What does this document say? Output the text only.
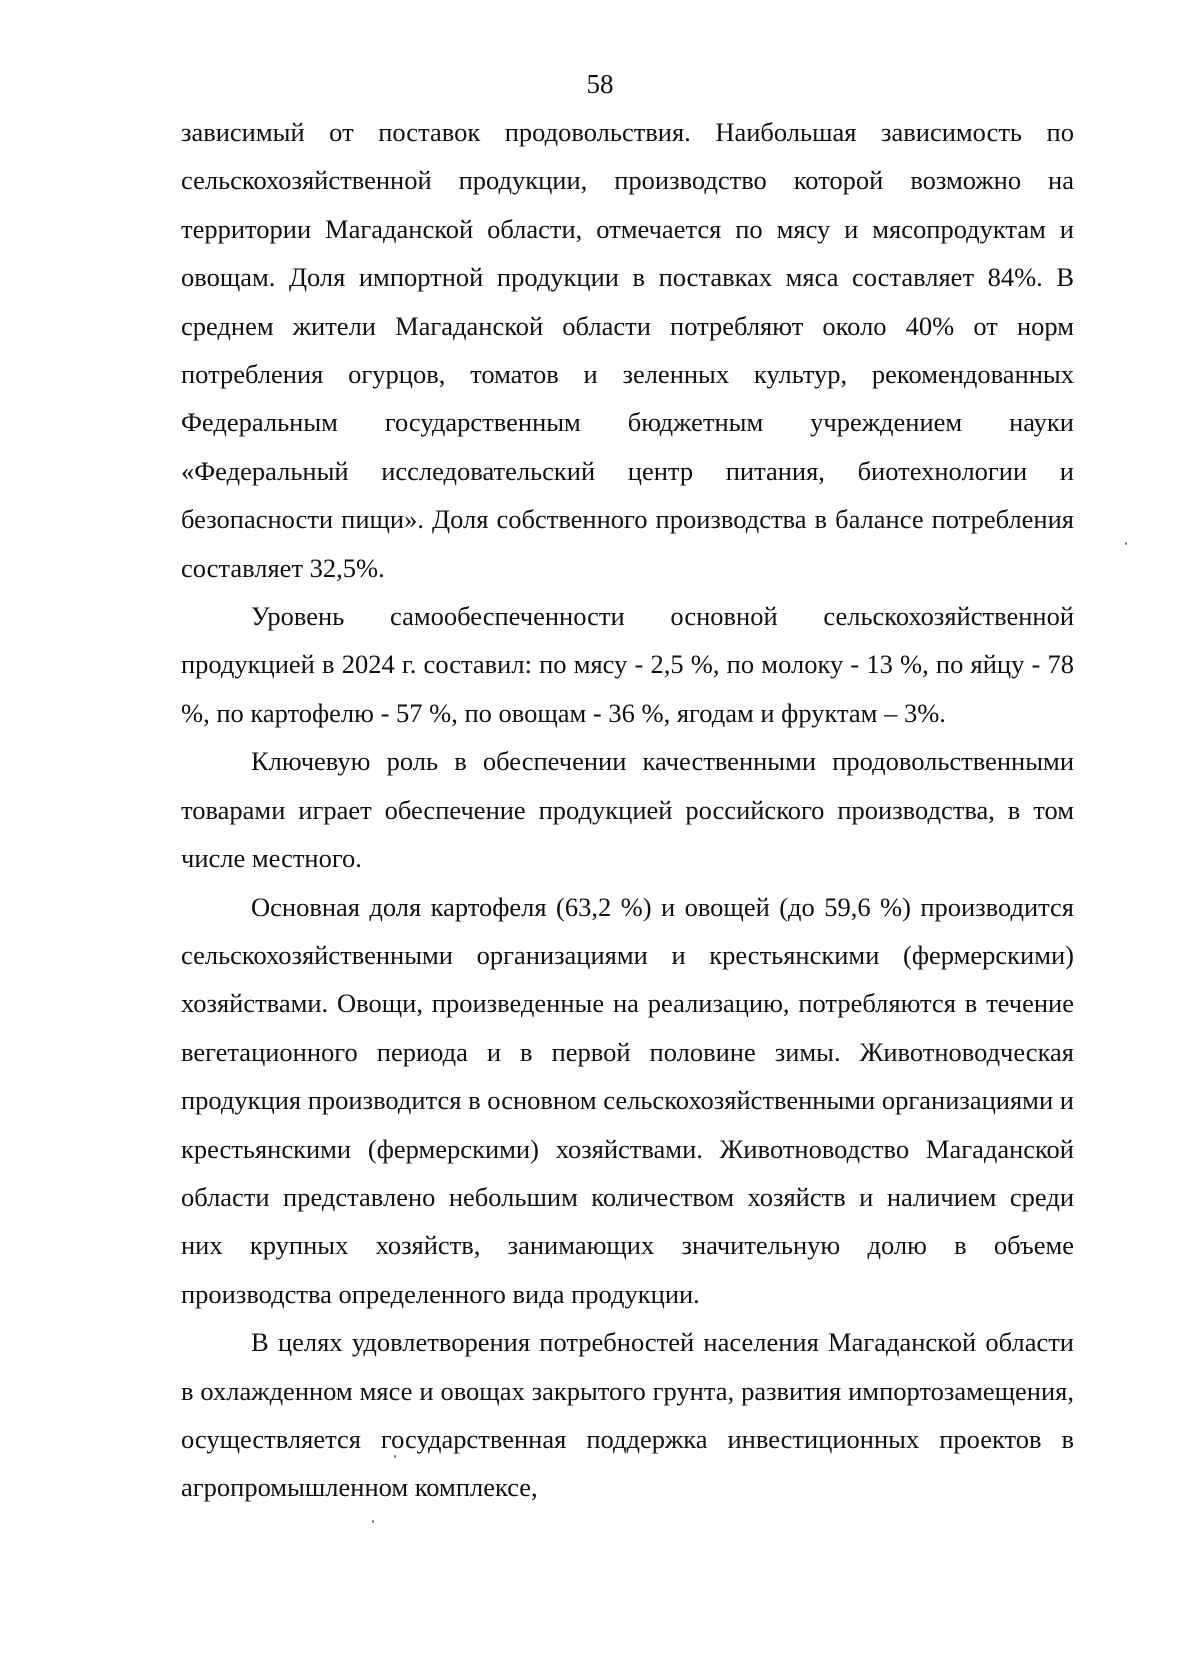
58

зависимый от поставок продовольствия. Наибольшая зависимость по сельскохозяйственной продукции, производство которой возможно на территории Магаданской области, отмечается по мясу и мясопродуктам и овощам. Доля импортной продукции в поставках мяса составляет 84%. В среднем жители Магаданской области потребляют около 40% от норм потребления огурцов, томатов и зеленных культур, рекомендованных Федеральным государственным бюджетным учреждением науки «Федеральный исследовательский центр питания, биотехнологии и безопасности пищи». Доля собственного производства в балансе потребления составляет 32,5%.

Уровень самообеспеченности основной сельскохозяйственной продукцией в 2024 г. составил: по мясу - 2,5 %, по молоку - 13 %, по яйцу - 78 %, по картофелю - 57 %, по овощам - 36 %, ягодам и фруктам – 3%.

Ключевую роль в обеспечении качественными продовольственными товарами играет обеспечение продукцией российского производства, в том числе местного.

Основная доля картофеля (63,2 %) и овощей (до 59,6 %) производится сельскохозяйственными организациями и крестьянскими (фермерскими) хозяйствами. Овощи, произведенные на реализацию, потребляются в течение вегетационного периода и в первой половине зимы. Животноводческая продукция производится в основном сельскохозяйственными организациями и крестьянскими (фермерскими) хозяйствами. Животноводство Магаданской области представлено небольшим количеством хозяйств и наличием среди них крупных хозяйств, занимающих значительную долю в объеме производства определенного вида продукции.

В целях удовлетворения потребностей населения Магаданской области в охлажденном мясе и овощах закрытого грунта, развития импортозамещения, осуществляется государственная поддержка инвестиционных проектов в агропромышленном комплексе,
